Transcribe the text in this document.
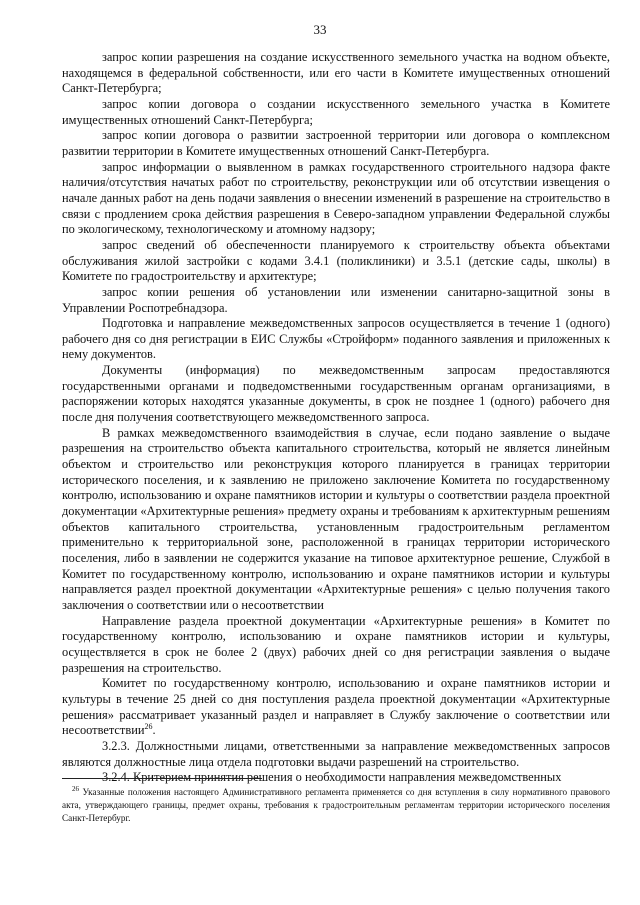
33

запрос копии разрешения на создание искусственного земельного участка на водном объекте, находящемся в федеральной собственности, или его части в Комитете имущественных отношений Санкт-Петербурга;

запрос копии договора о создании искусственного земельного участка в Комитете имущественных отношений Санкт-Петербурга;

запрос копии договора о развитии застроенной территории или договора о комплексном развитии территории в Комитете имущественных отношений Санкт-Петербурга.

запрос информации о выявленном в рамках государственного строительного надзора факте наличия/отсутствия начатых работ по строительству, реконструкции или об отсутствии извещения о начале данных работ на день подачи заявления о внесении изменений в разрешение на строительство в связи с продлением срока действия разрешения в Северо-западном управлении Федеральной службы по экологическому, технологическому и атомному надзору;

запрос сведений об обеспеченности планируемого к строительству объекта объектами обслуживания жилой застройки с кодами 3.4.1 (поликлиники) и 3.5.1 (детские сады, школы) в Комитете по градостроительству и архитектуре;

запрос копии решения об установлении или изменении санитарно-защитной зоны в Управлении Роспотребнадзора.

Подготовка и направление межведомственных запросов осуществляется в течение 1 (одного) рабочего дня со дня регистрации в ЕИС Службы «Стройформ» поданного заявления и приложенных к нему документов.

Документы (информация) по межведомственным запросам предоставляются государственными органами и подведомственными государственным органам организациями, в распоряжении которых находятся указанные документы, в срок не позднее 1 (одного) рабочего дня после дня получения соответствующего межведомственного запроса.

В рамках межведомственного взаимодействия в случае, если подано заявление о выдаче разрешения на строительство объекта капитального строительства, который не является линейным объектом и строительство или реконструкция которого планируется в границах территории исторического поселения, и к заявлению не приложено заключение Комитета по государственному контролю, использованию и охране памятников истории и культуры о соответствии раздела проектной документации «Архитектурные решения» предмету охраны и требованиям к архитектурным решениям объектов капитального строительства, установленным градостроительным регламентом применительно к территориальной зоне, расположенной в границах территории исторического поселения, либо в заявлении не содержится указание на типовое архитектурное решение, Службой в Комитет по государственному контролю, использованию и охране памятников истории и культуры направляется раздел проектной документации «Архитектурные решения» с целью получения такого заключения о соответствии или о несоответствии

Направление раздела проектной документации «Архитектурные решения» в Комитет по государственному контролю, использованию и охране памятников истории и культуры, осуществляется в срок не более 2 (двух) рабочих дней со дня регистрации заявления о выдаче разрешения на строительство.

Комитет по государственному контролю, использованию и охране памятников истории и культуры в течение 25 дней со дня поступления раздела проектной документации «Архитектурные решения» рассматривает указанный раздел и направляет в Службу заключение о соответствии или несоответствии$^{26}$.

3.2.3. Должностными лицами, ответственными за направление межведомственных запросов являются должностные лица отдела подготовки выдачи разрешений на строительство.

3.2.4. Критерием принятия решения о необходимости направления межведомственных

$^{26}$ Указанные положения настоящего Административного регламента применяется со дня вступления в силу нормативного правового акта, утверждающего границы, предмет охраны, требования к градостроительным регламентам территории исторического поселения Санкт-Петербург.
